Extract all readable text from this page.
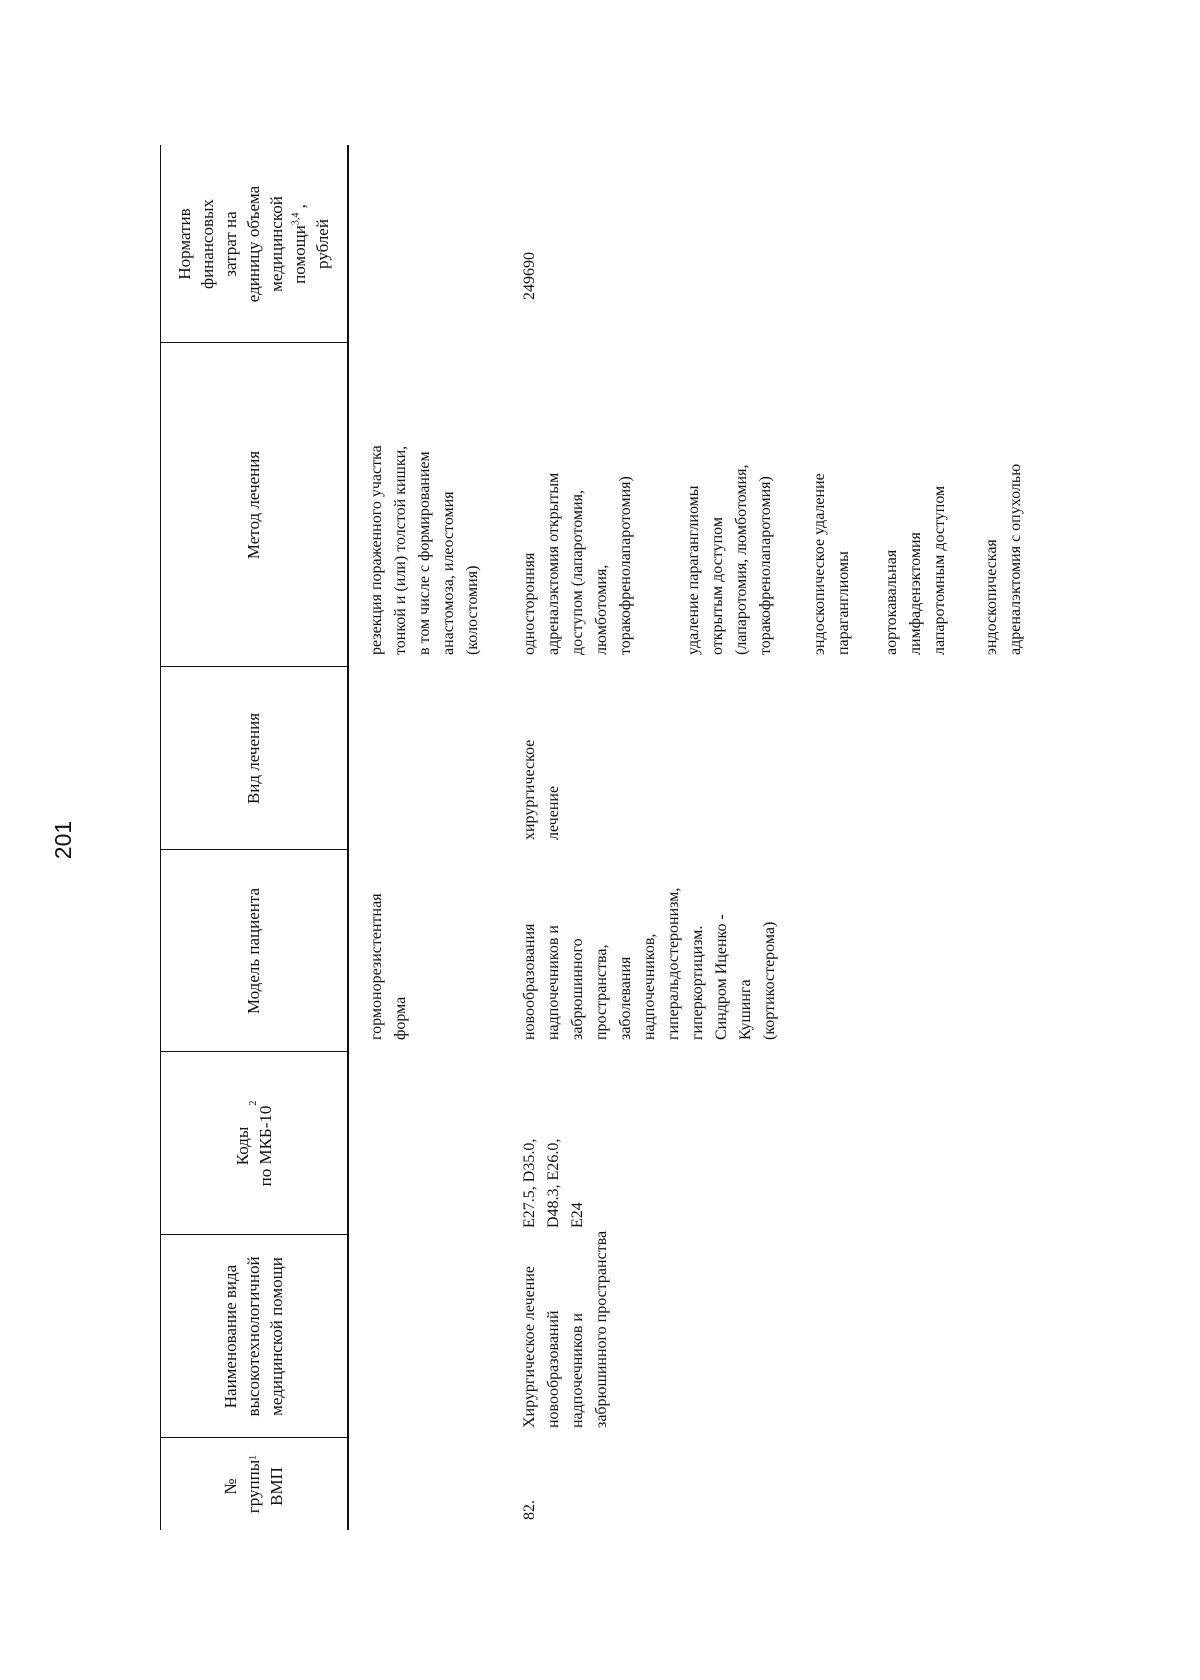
201
№
группы
ВМП
1
Наименование вида
высокотехнологичной
медицинской помощи
Коды
по МКБ-10
2
Модель пациента
Вид лечения
Метод лечения
Норматив
финансовых
затрат на
единицу объема
медицинской
помощи$^{3,4}$ ,
рублей
гормонорезистентная
форма
резекция пораженного участка
тонкой и (или) толстой кишки,
в том числе с формированием
анастомоза, илеостомия
(колостомия)
82.
Хирургическое лечение
новообразований
надпочечников и
забрюшинного пространства
E27.5, D35.0,
D48.3, E26.0,
E24
новообразования
надпочечников и
забрюшинного
пространства,
заболевания
надпочечников,
гиперальдостеронизм,
гиперкортицизм.
Синдром Иценко -
Кушинга
(кортикостерома)
хирургическое
лечение
односторонняя
адреналэктомия открытым
доступом (лапаротомия,
люмботомия,
торакофренолапаротомия)	удаление параганглиомы
открытым доступом
(лапаротомия, люмботомия,
торакофренолапаротомия) эндоскопическое удаление
параганглиомы аортокавальная
лимфаденэктомия
лапаротомным доступом
эндоскопическая
адреналэктомия с опухолью
249690
